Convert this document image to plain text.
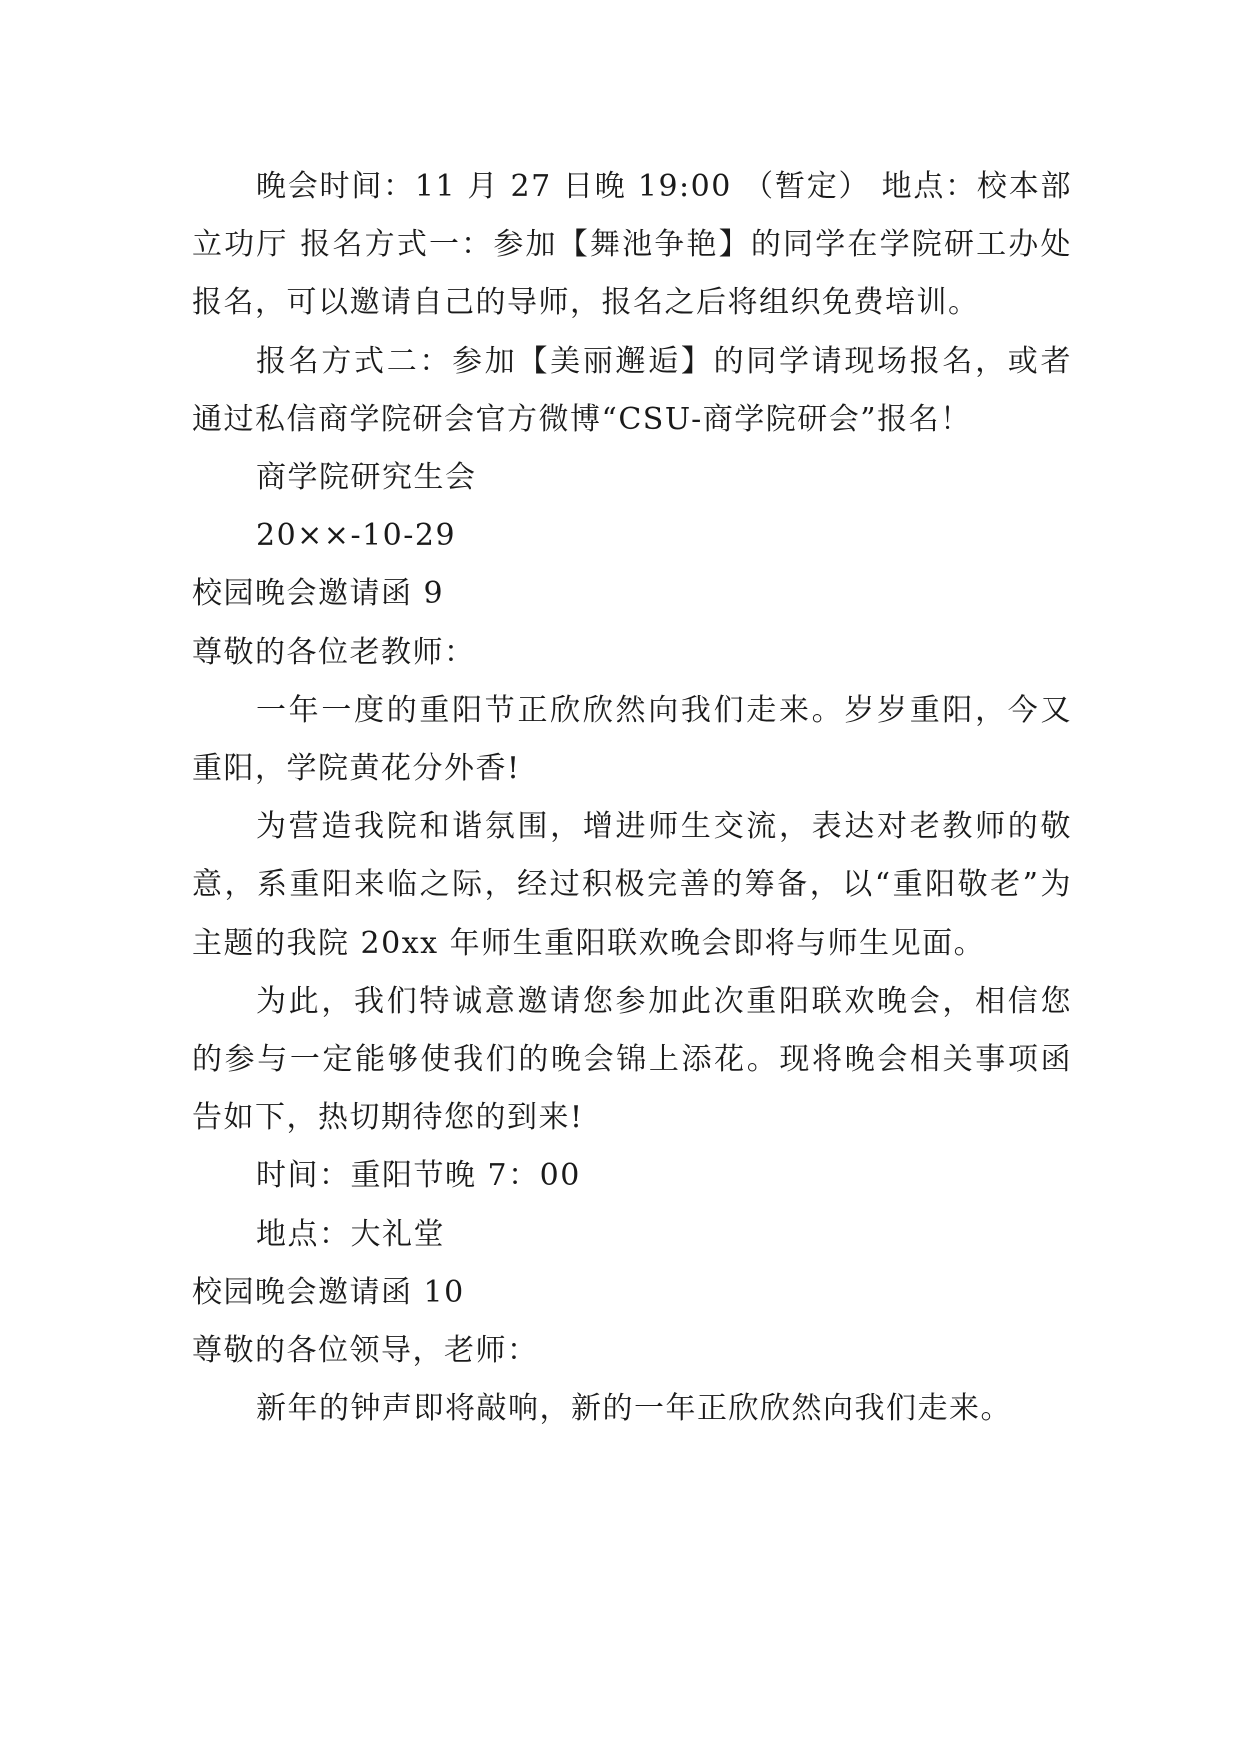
晚会时间：11 月 27 日晚 19:00 （暂定） 地点：校本部立功厅 报名方式一：参加【舞池争艳】的同学在学院研工办处报名，可以邀请自己的导师，报名之后将组织免费培训。

报名方式二：参加【美丽邂逅】的同学请现场报名，或者通过私信商学院研会官方微博“CSU-商学院研会”报名！

商学院研究生会

20××-10-29

校园晚会邀请函 9

尊敬的各位老教师：

一年一度的重阳节正欣欣然向我们走来。岁岁重阳，今又重阳，学院黄花分外香!

为营造我院和谐氛围，增进师生交流，表达对老教师的敬意，系重阳来临之际，经过积极完善的筹备，以“重阳敬老”为主题的我院 20xx 年师生重阳联欢晚会即将与师生见面。

为此，我们特诚意邀请您参加此次重阳联欢晚会，相信您的参与一定能够使我们的晚会锦上添花。现将晚会相关事项函告如下，热切期待您的到来!

时间：重阳节晚 7：00

地点：大礼堂

校园晚会邀请函 10

尊敬的各位领导，老师：

新年的钟声即将敲响，新的一年正欣欣然向我们走来。
